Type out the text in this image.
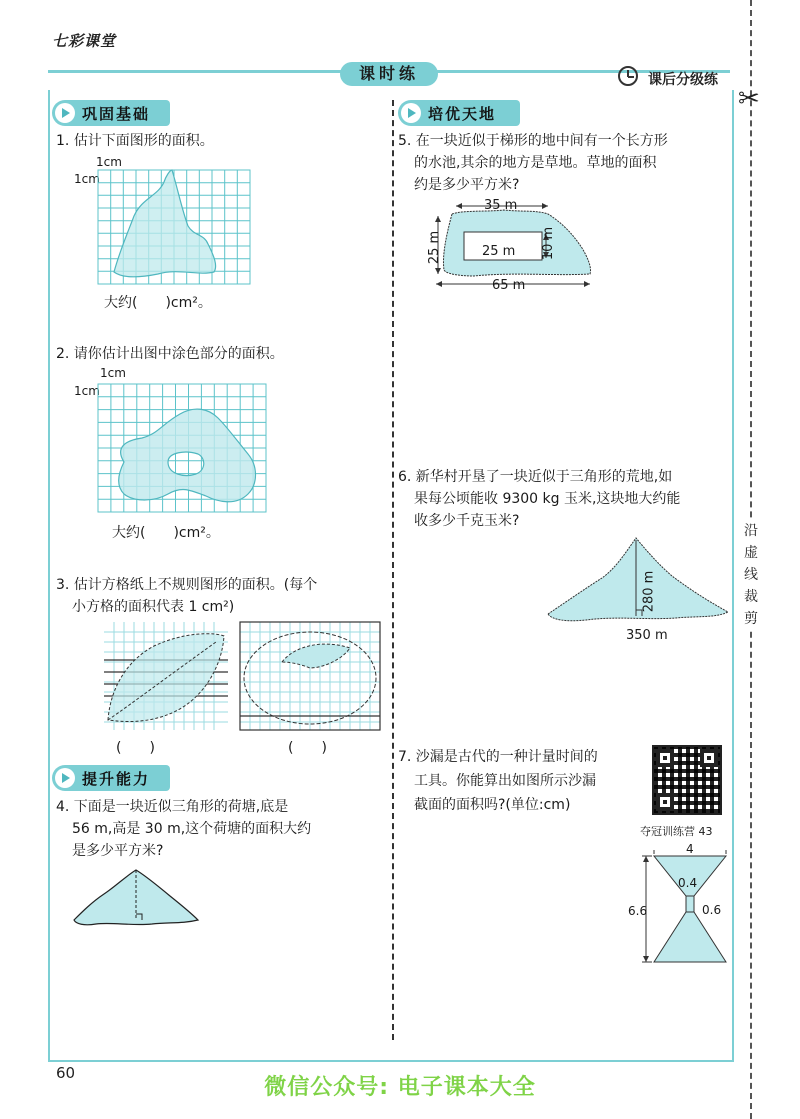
七彩课堂
课时练	课后分级练
✂
沿虚线裁剪
巩固基础
提升能力
培优天地
1. 估计下面图形的面积。
1cm
1cm
大约(　　)cm²。
2. 请你估计出图中涂色部分的面积。
1cm
1cm
大约(　　)cm²。
3. 估计方格纸上不规则图形的面积。(每个
小方格的面积代表 1 cm²)
(　　)	(　　)
4. 下面是一块近似三角形的荷塘,底是
56 m,高是 30 m,这个荷塘的面积大约
是多少平方米?
5. 在一块近似于梯形的地中间有一个长方形
的水池,其余的地方是草地。草地的面积
约是多少平方米?
35 m
25 m	25 m 10 m
65 m
6. 新华村开垦了一块近似于三角形的荒地,如
果每公顷能收 9300 kg 玉米,这块地大约能
收多少千克玉米?
280 m
350 m
7. 沙漏是古代的一种计量时间的
工具。你能算出如图所示沙漏
截面的面积吗?(单位:cm)
夺冠训练营 43
4
0.4
0.6
6.6
60
微信公众号: 电子课本大全
